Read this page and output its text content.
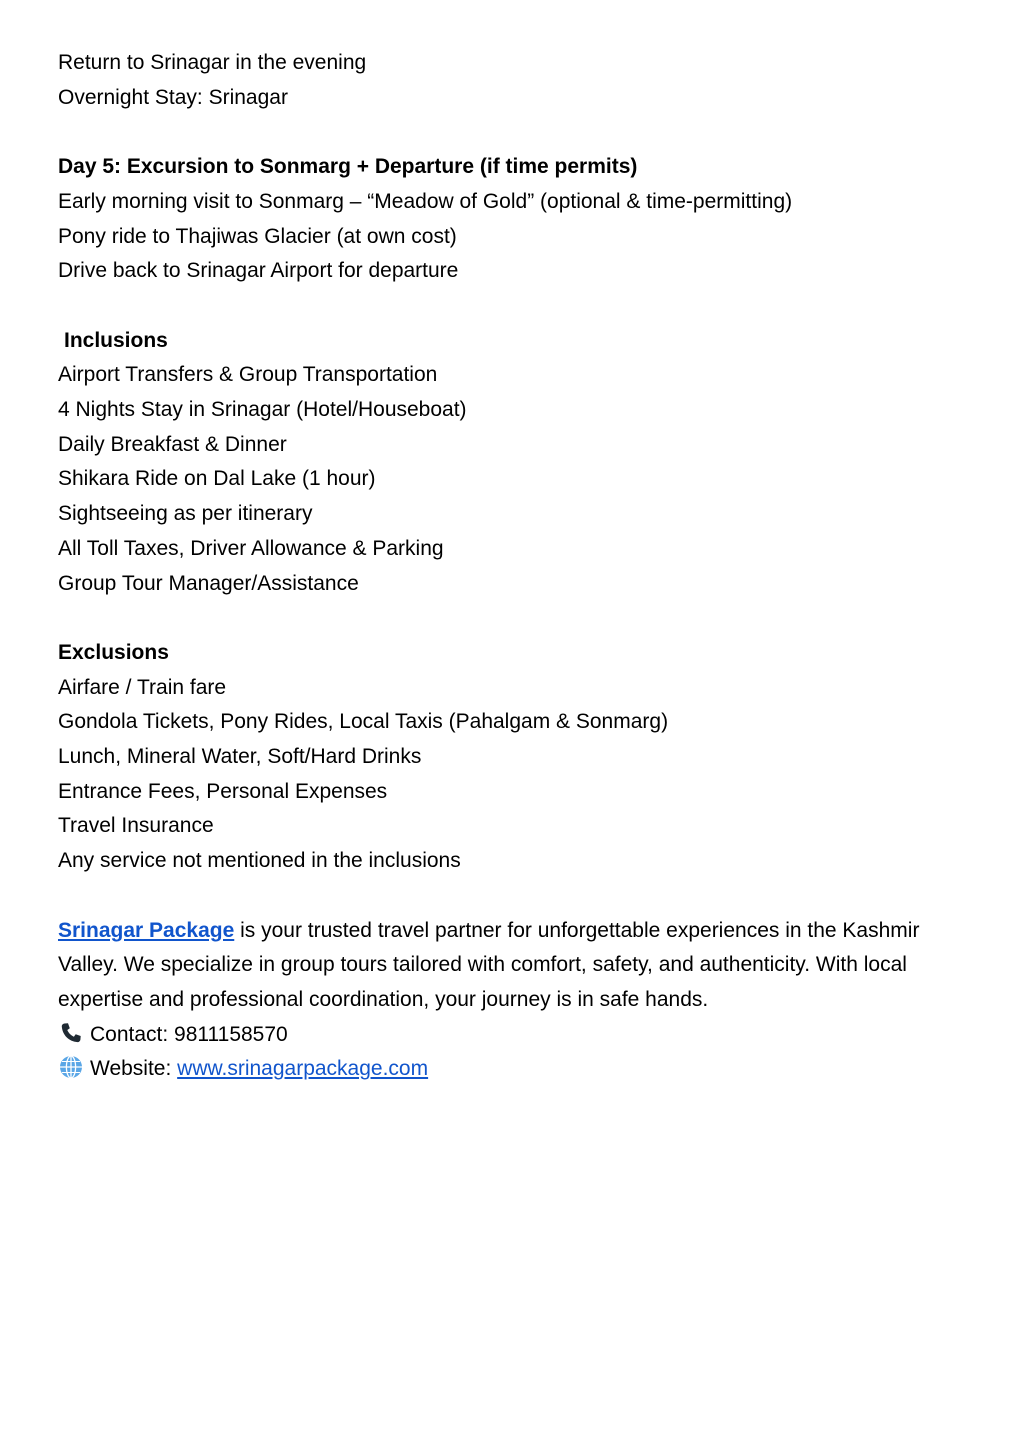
Return to Srinagar in the evening

Overnight Stay: Srinagar

Day 5: Excursion to Sonmarg + Departure (if time permits)

Early morning visit to Sonmarg – “Meadow of Gold” (optional & time-permitting)

Pony ride to Thajiwas Glacier (at own cost)

Drive back to Srinagar Airport for departure

Inclusions

Airport Transfers & Group Transportation

4 Nights Stay in Srinagar (Hotel/Houseboat)

Daily Breakfast & Dinner

Shikara Ride on Dal Lake (1 hour)

Sightseeing as per itinerary

All Toll Taxes, Driver Allowance & Parking

Group Tour Manager/Assistance

Exclusions

Airfare / Train fare

Gondola Tickets, Pony Rides, Local Taxis (Pahalgam & Sonmarg)

Lunch, Mineral Water, Soft/Hard Drinks

Entrance Fees, Personal Expenses

Travel Insurance

Any service not mentioned in the inclusions

Srinagar Package is your trusted travel partner for unforgettable experiences in the Kashmir Valley. We specialize in group tours tailored with comfort, safety, and authenticity. With local expertise and professional coordination, your journey is in safe hands.

Contact: 9811158570

Website: www.srinagarpackage.com
